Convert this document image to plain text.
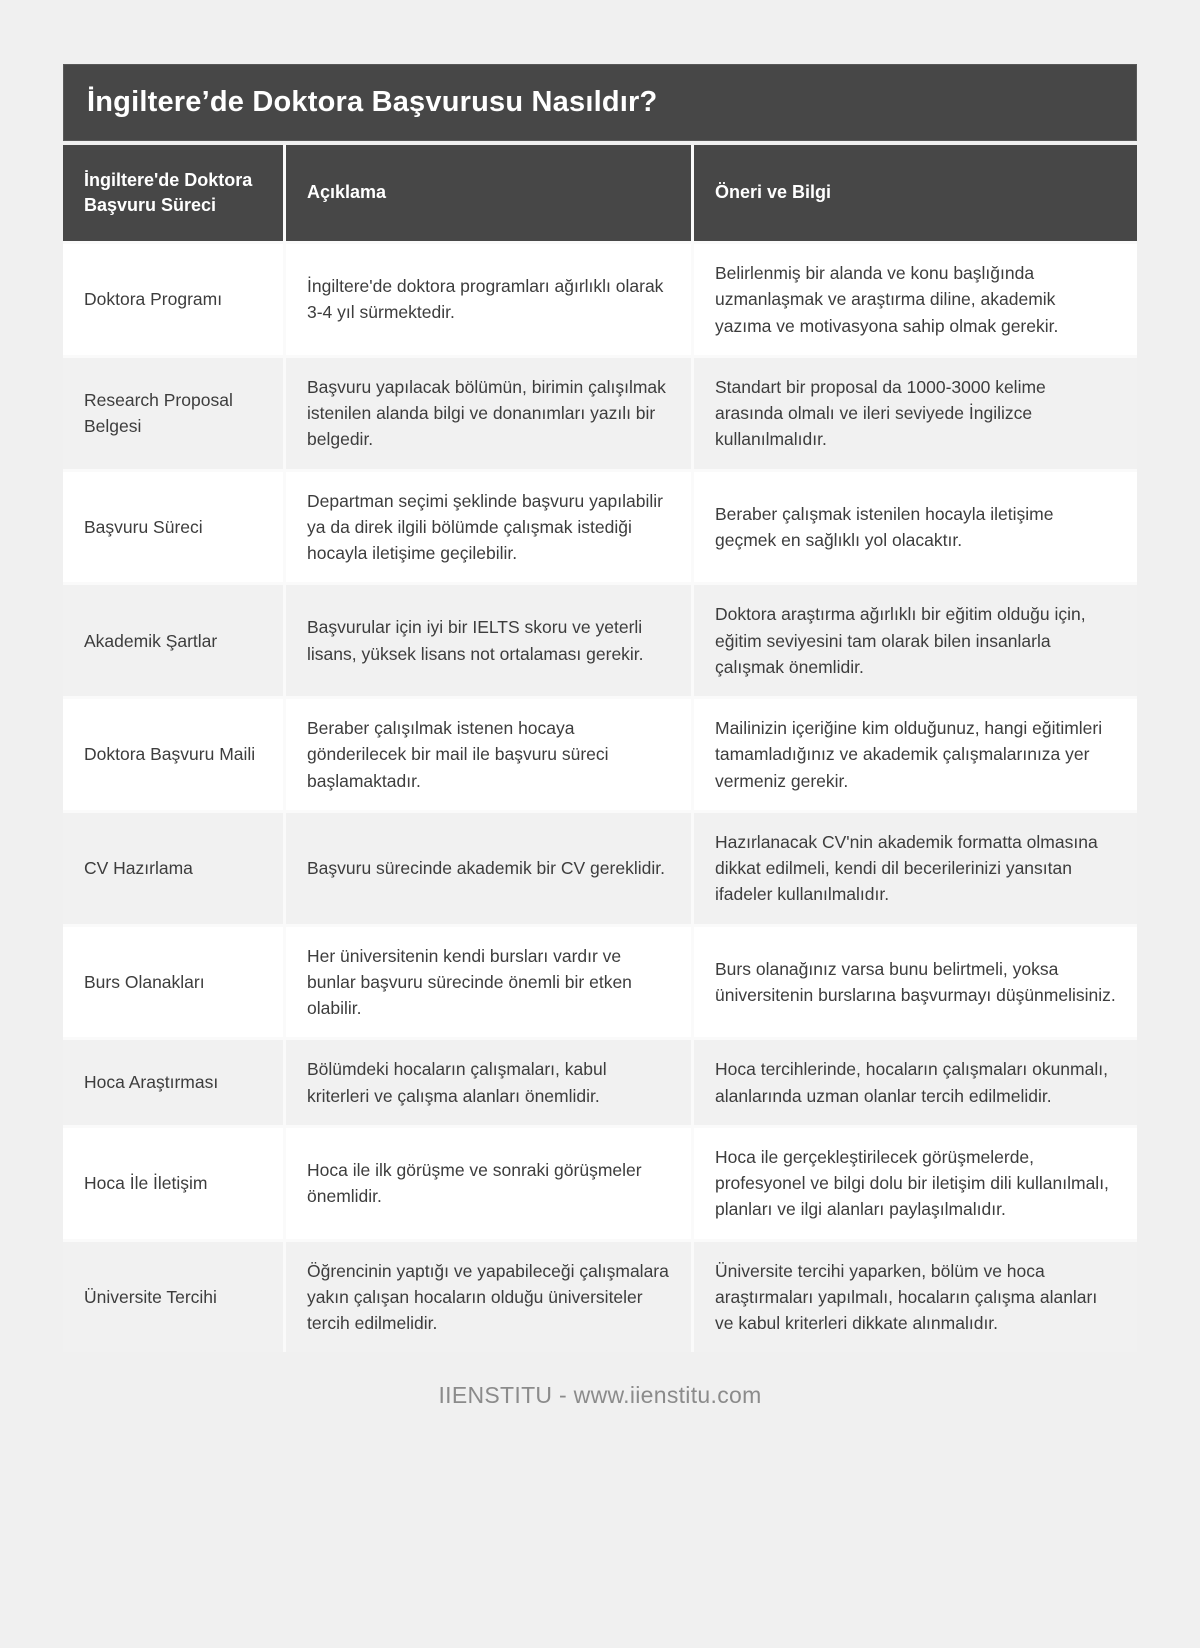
İngiltere’de Doktora Başvurusu Nasıldır?
İngiltere'de Doktora Başvuru Süreci
Açıklama	Öneri ve Bilgi
Doktora Programı
İngiltere'de doktora programları ağırlıklı olarak 3-4 yıl sürmektedir.
Belirlenmiş bir alanda ve konu başlığında uzmanlaşmak ve araştırma diline, akademik yazıma ve motivasyona sahip olmak gerekir.
Research Proposal Belgesi
Başvuru yapılacak bölümün, birimin çalışılmak istenilen alanda bilgi ve donanımları yazılı bir belgedir.
Standart bir proposal da 1000-3000 kelime arasında olmalı ve ileri seviyede İngilizce kullanılmalıdır.
Başvuru Süreci
Departman seçimi şeklinde başvuru yapılabilir ya da direk ilgili bölümde çalışmak istediği hocayla iletişime geçilebilir.
Beraber çalışmak istenilen hocayla iletişime geçmek en sağlıklı yol olacaktır.
Akademik Şartlar
Başvurular için iyi bir IELTS skoru ve yeterli lisans, yüksek lisans not ortalaması gerekir.
Doktora araştırma ağırlıklı bir eğitim olduğu için, eğitim seviyesini tam olarak bilen insanlarla çalışmak önemlidir.
Doktora Başvuru Maili
Beraber çalışılmak istenen hocaya gönderilecek bir mail ile başvuru süreci başlamaktadır.
Mailinizin içeriğine kim olduğunuz, hangi eğitimleri tamamladığınız ve akademik çalışmalarınıza yer vermeniz gerekir.
CV Hazırlama	Başvuru sürecinde akademik bir CV gereklidir.
Hazırlanacak CV'nin akademik formatta olmasına dikkat edilmeli, kendi dil becerilerinizi yansıtan ifadeler kullanılmalıdır.
Burs Olanakları
Her üniversitenin kendi bursları vardır ve bunlar başvuru sürecinde önemli bir etken olabilir.
Burs olanağınız varsa bunu belirtmeli, yoksa üniversitenin burslarına başvurmayı düşünmelisiniz.
Hoca Araştırması
Bölümdeki hocaların çalışmaları, kabul kriterleri ve çalışma alanları önemlidir.
Hoca tercihlerinde, hocaların çalışmaları okunmalı, alanlarında uzman olanlar tercih edilmelidir.
Hoca İle İletişim
Hoca ile ilk görüşme ve sonraki görüşmeler önemlidir.
Hoca ile gerçekleştirilecek görüşmelerde, profesyonel ve bilgi dolu bir iletişim dili kullanılmalı, planları ve ilgi alanları paylaşılmalıdır.
Üniversite Tercihi
Öğrencinin yaptığı ve yapabileceği çalışmalara yakın çalışan hocaların olduğu üniversiteler tercih edilmelidir.
Üniversite tercihi yaparken, bölüm ve hoca araştırmaları yapılmalı, hocaların çalışma alanları ve kabul kriterleri dikkate alınmalıdır.
IIENSTITU - www.iienstitu.com
